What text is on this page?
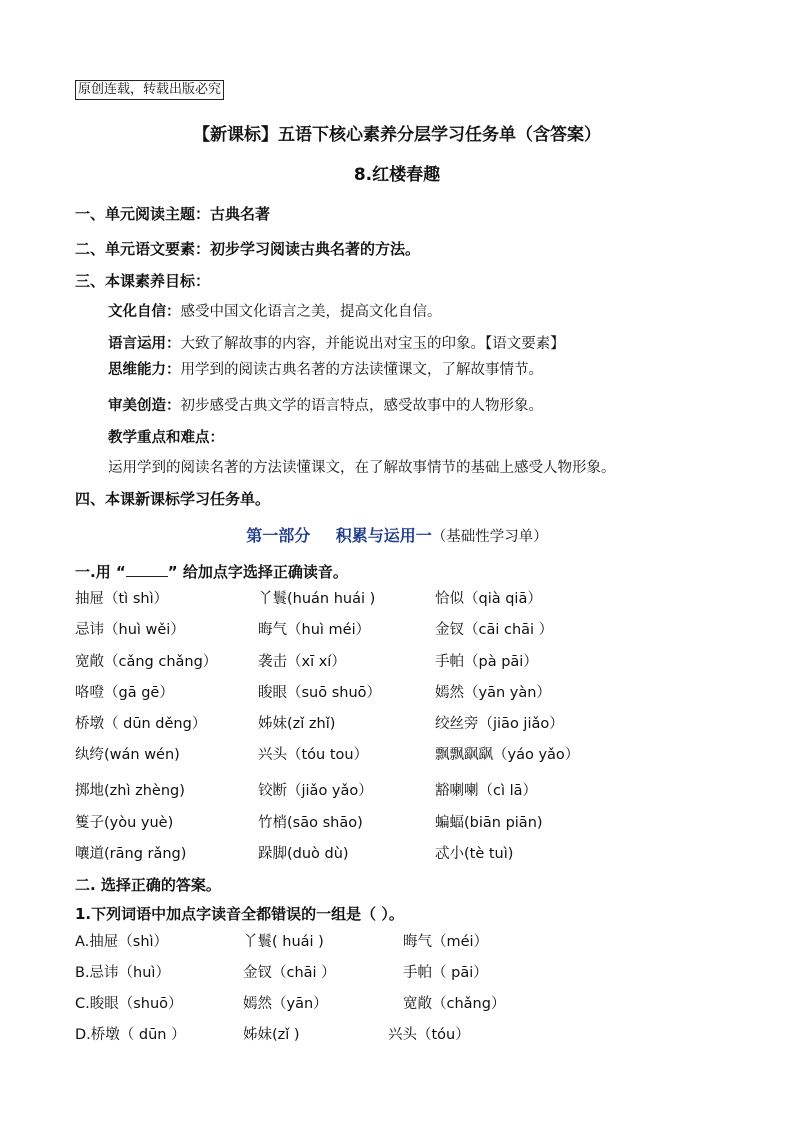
原创连载，转载出版必究
【新课标】五语下核心素养分层学习任务单（含答案）
8.红楼春趣
一、单元阅读主题：古典名著
二、单元语文要素：初步学习阅读古典名著的方法。
三、本课素养目标：
文化自信：感受中国文化语言之美，提高文化自信。
语言运用：大致了解故事的内容，并能说出对宝玉的印象。【语文要素】
思维能力：用学到的阅读古典名著的方法读懂课文，了解故事情节。
审美创造：初步感受古典文学的语言特点，感受故事中的人物形象。
教学重点和难点：
运用学到的阅读名著的方法读懂课文，在了解故事情节的基础上感受人物形象。
四、本课新课标学习任务单。
第一部分 积累与运用一（基础性学习单）
一.用 “	” 给加点字选择正确读音。
抽屉（tì shì）	丫鬟(huán huái )	恰似（qià qiā）
忌讳（huì wěi）	晦气（huì méi）	金钗（cāi chāi ）
宽敞（cǎng chǎng）	袭击（xī xí）	手帕（pà pāi）
咯噔（gā gē）	睃眼（suō shuō）	嫣然（yān yàn）
桥墩（ dūn děng）	姊妹(zǐ zhǐ)	绞丝旁（jiāo jiǎo）
纨绔(wán wén)	兴头（tóu tou）	飘飘飖飖（yáo yǎo）
掷地(zhì zhèng)	铰断（jiǎo yǎo）	豁喇喇（cì lā）
篗子(yòu yuè)	竹梢(sāo shāo)	蝙蝠(biān piān)
嚷道(rāng rǎng)	跺脚(duò dù)	忒小(tè tuì)
二. 选择正确的答案。
1.下列词语中加点字读音全都错误的一组是（ ）。
A.抽屉（shì）	丫鬟( huái )	晦气（méi）
B.忌讳（huì）	金钗（chāi ）	手帕（ pāi）
C.睃眼（shuō）	嫣然（yān）	宽敞（chǎng）
D.桥墩（ dūn ）	姊妹(zǐ )	兴头（tóu）
